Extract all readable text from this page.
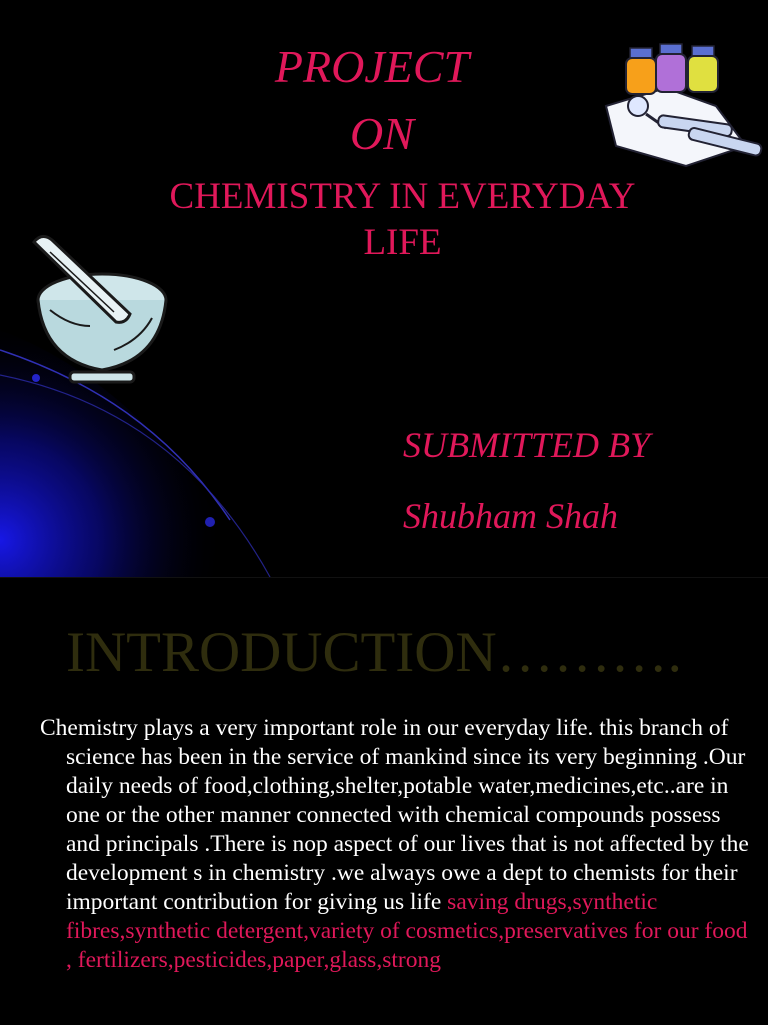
PROJECT
ON
CHEMISTRY IN EVERYDAY LIFE
SUBMITTED BY
Shubham Shah
INTRODUCTION……….
Chemistry plays a very important role in our everyday life. this branch of science has been in the service of mankind since its very beginning .Our daily needs of food,clothing,shelter,potable water,medicines,etc..are in one or the other manner connected with chemical compounds possess and principals .There is nop aspect of our lives that is not affected by the development s in chemistry .we always owe a dept to chemists for their important contribution for giving us life saving drugs,synthetic fibres,synthetic detergent,variety of cosmetics,preservatives for our food , fertilizers,pesticides,paper,glass,strong
